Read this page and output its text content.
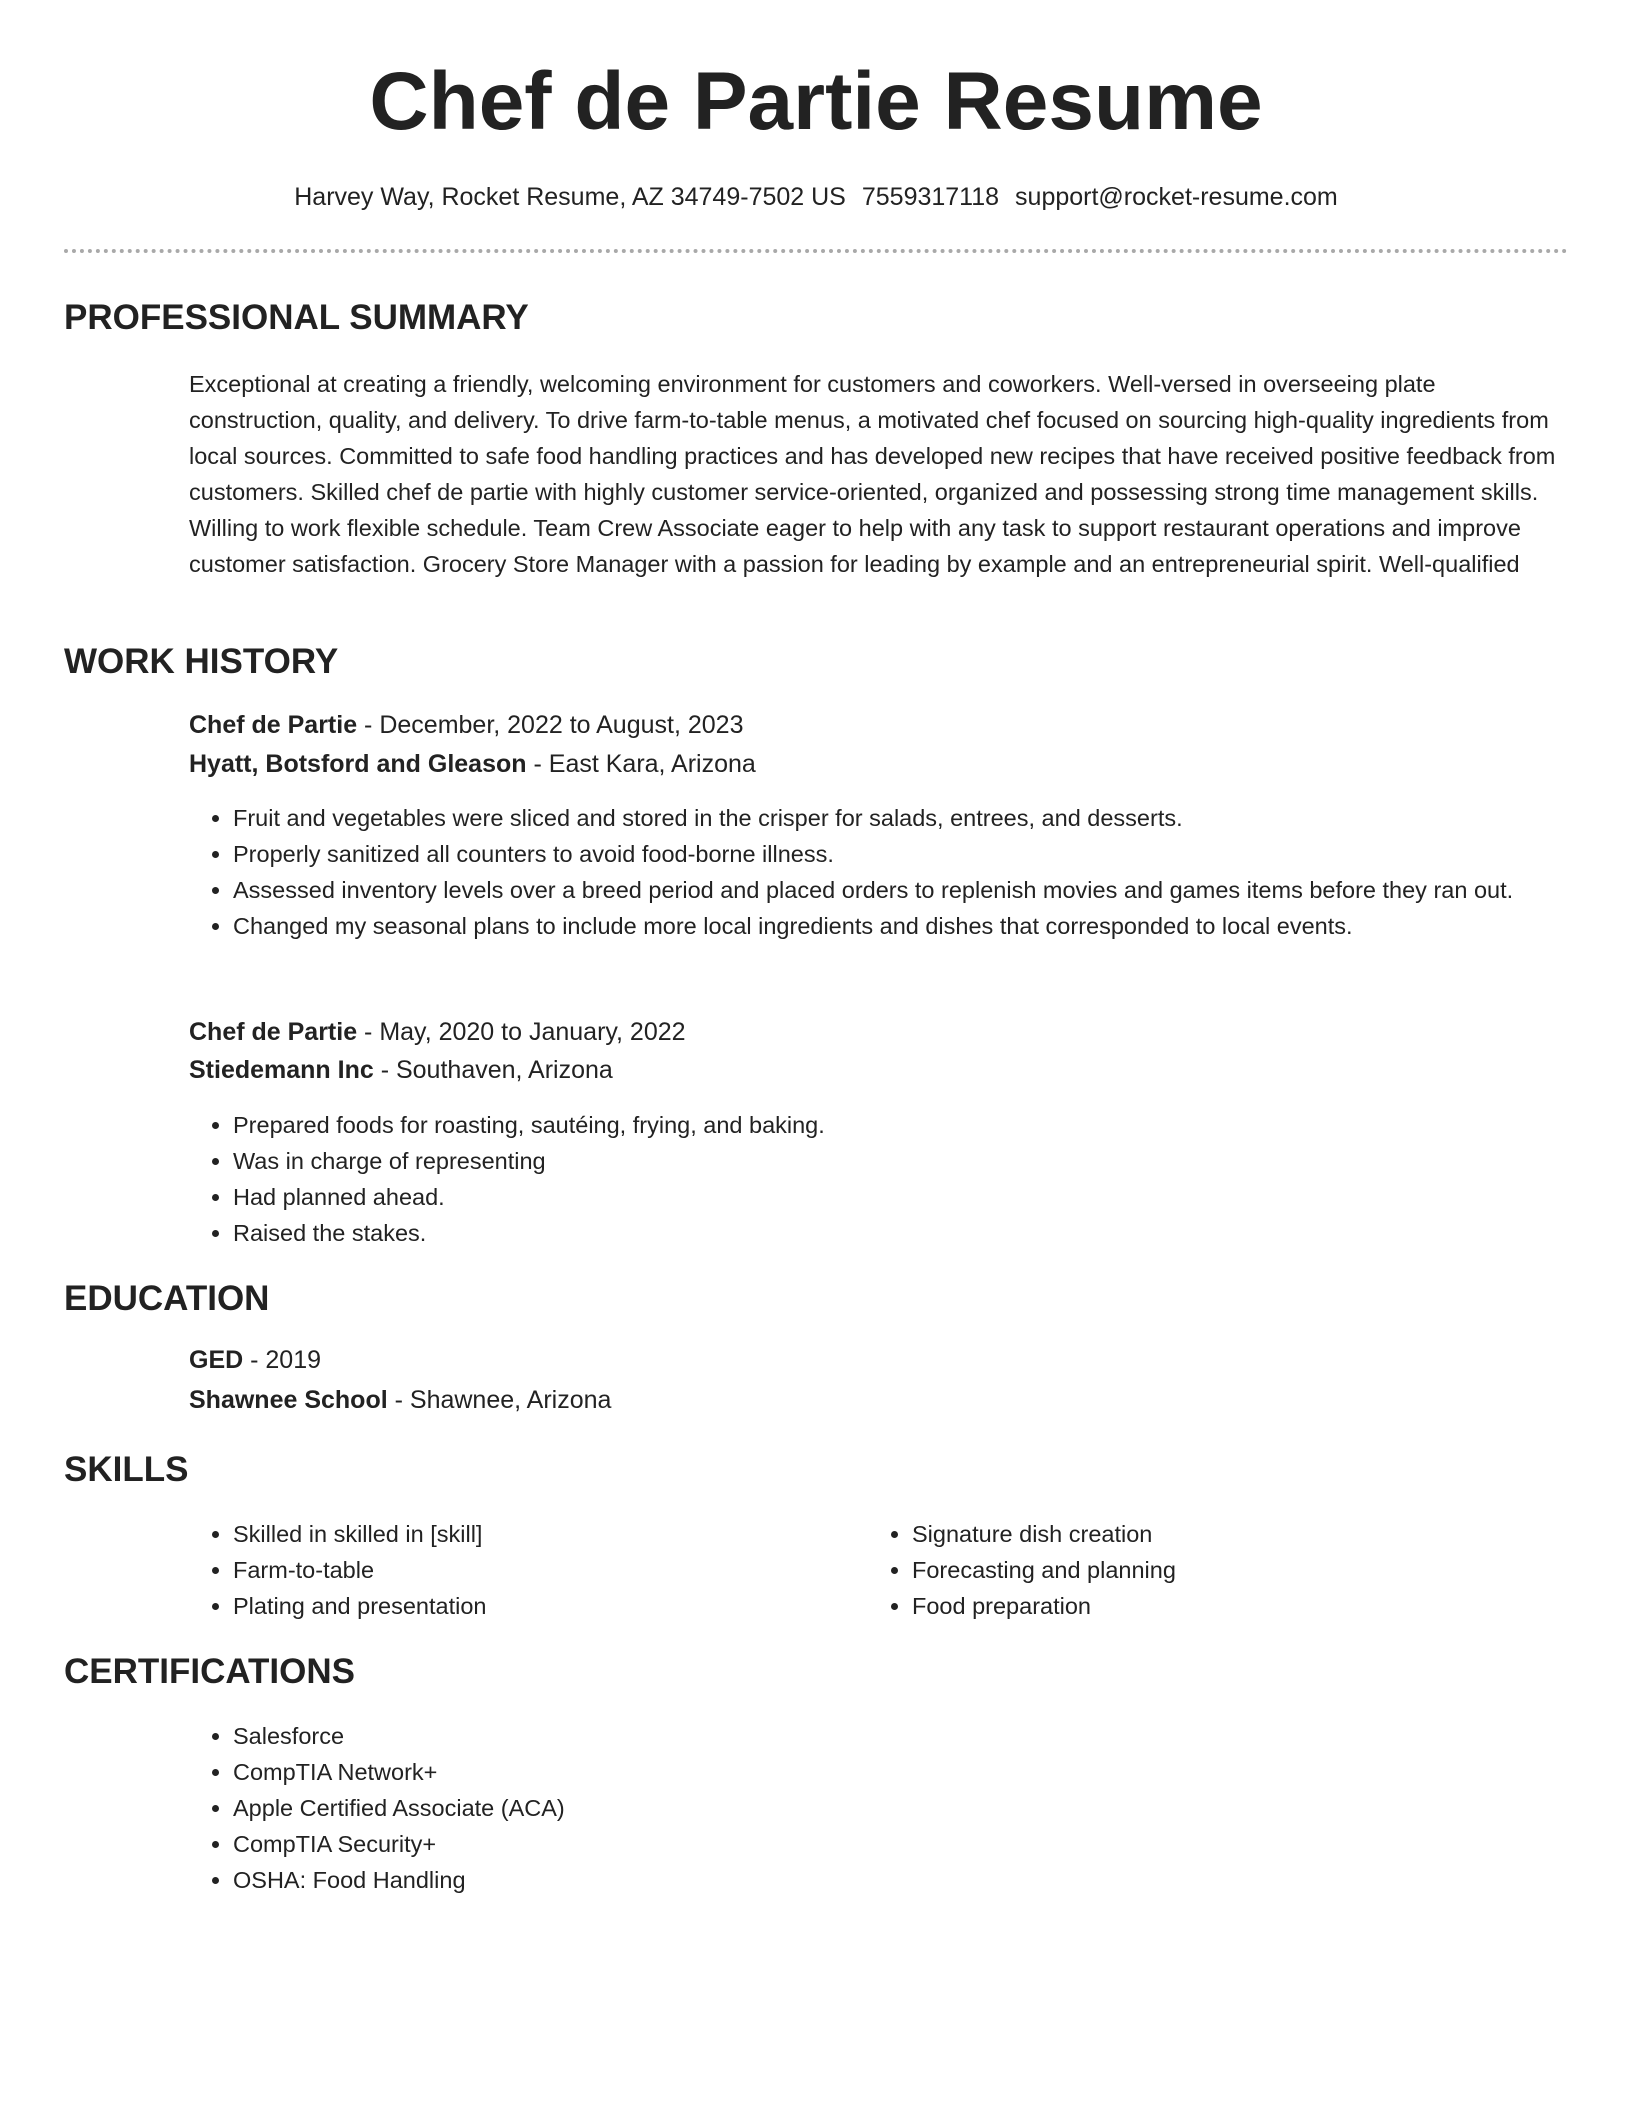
Chef de Partie Resume
Harvey Way, Rocket Resume, AZ 34749-7502 US 7559317118 support@rocket-resume.com
PROFESSIONAL SUMMARY

Exceptional at creating a friendly, welcoming environment for customers and coworkers. Well-versed in overseeing plate construction, quality, and delivery. To drive farm-to-table menus, a motivated chef focused on sourcing high-quality ingredients from local sources. Committed to safe food handling practices and has developed new recipes that have received positive feedback from customers. Skilled chef de partie with highly customer service-oriented, organized and possessing strong time management skills. Willing to work flexible schedule. Team Crew Associate eager to help with any task to support restaurant operations and improve customer satisfaction. Grocery Store Manager with a passion for leading by example and an entrepreneurial spirit. Well-qualified

WORK HISTORY
Chef de Partie - December, 2022 to August, 2023
Hyatt, Botsford and Gleason - East Kara, Arizona
• Fruit and vegetables were sliced and stored in the crisper for salads, entrees, and desserts.
• Properly sanitized all counters to avoid food-borne illness.
• Assessed inventory levels over a breed period and placed orders to replenish movies and games items before they ran out.
• Changed my seasonal plans to include more local ingredients and dishes that corresponded to local events.
Chef de Partie - May, 2020 to January, 2022
Stiedemann Inc - Southaven, Arizona
• Prepared foods for roasting, sautéing, frying, and baking.
• Was in charge of representing
• Had planned ahead.
• Raised the stakes.
EDUCATION
GED - 2019
Shawnee School - Shawnee, Arizona
SKILLS
• Skilled in skilled in [skill]
• Farm-to-table
• Plating and presentation
• Signature dish creation
• Forecasting and planning
• Food preparation
CERTIFICATIONS
• Salesforce
• CompTIA Network+
• Apple Certified Associate (ACA)
• CompTIA Security+
• OSHA: Food Handling
